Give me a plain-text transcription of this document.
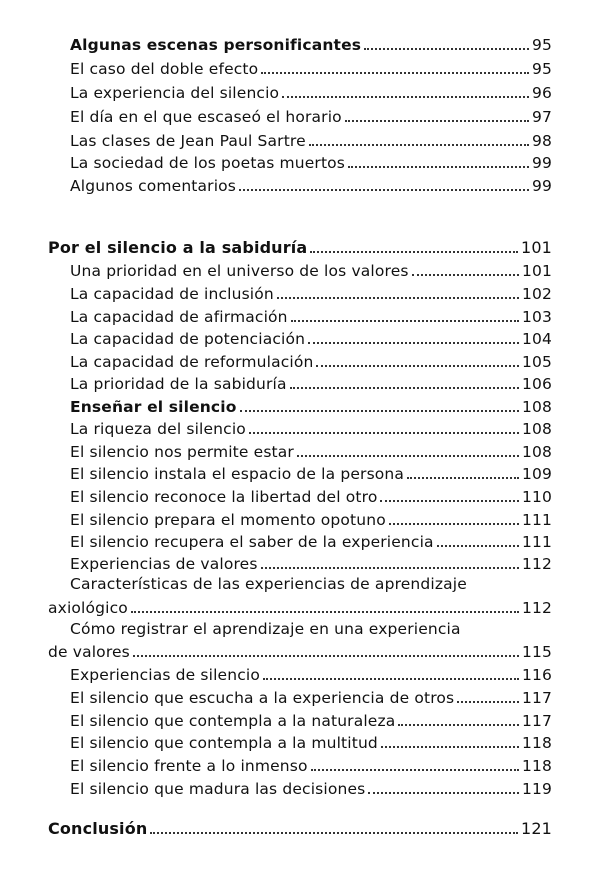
Algunas escenas personificantes	95
El caso del doble efecto	95
La experiencia del silencio	96
El día en el que escaseó el horario	97
Las clases de Jean Paul Sartre	98
La sociedad de los poetas muertos	99
Algunos comentarios	99
Por el silencio a la sabiduría	101
Una prioridad en el universo de los valores	101
La capacidad de inclusión	102
La capacidad de afirmación	103
La capacidad de potenciación	104
La capacidad de reformulación	105
La prioridad de la sabiduría	106
Enseñar el silencio	108
La riqueza del silencio	108
El silencio nos permite estar	108
El silencio instala el espacio de la persona	109
El silencio reconoce la libertad del otro	110
El silencio prepara el momento opotuno	111
El silencio recupera el saber de la experiencia	111
Experiencias de valores	112
Características de las experiencias de aprendizaje
axiológico	112
Cómo registrar el aprendizaje en una experiencia
de valores	115
Experiencias de silencio	116
El silencio que escucha a la experiencia de otros	117
El silencio que contempla a la naturaleza	117
El silencio que contempla a la multitud	118
El silencio frente a lo inmenso	118
El silencio que madura las decisiones	119
Conclusión	121
